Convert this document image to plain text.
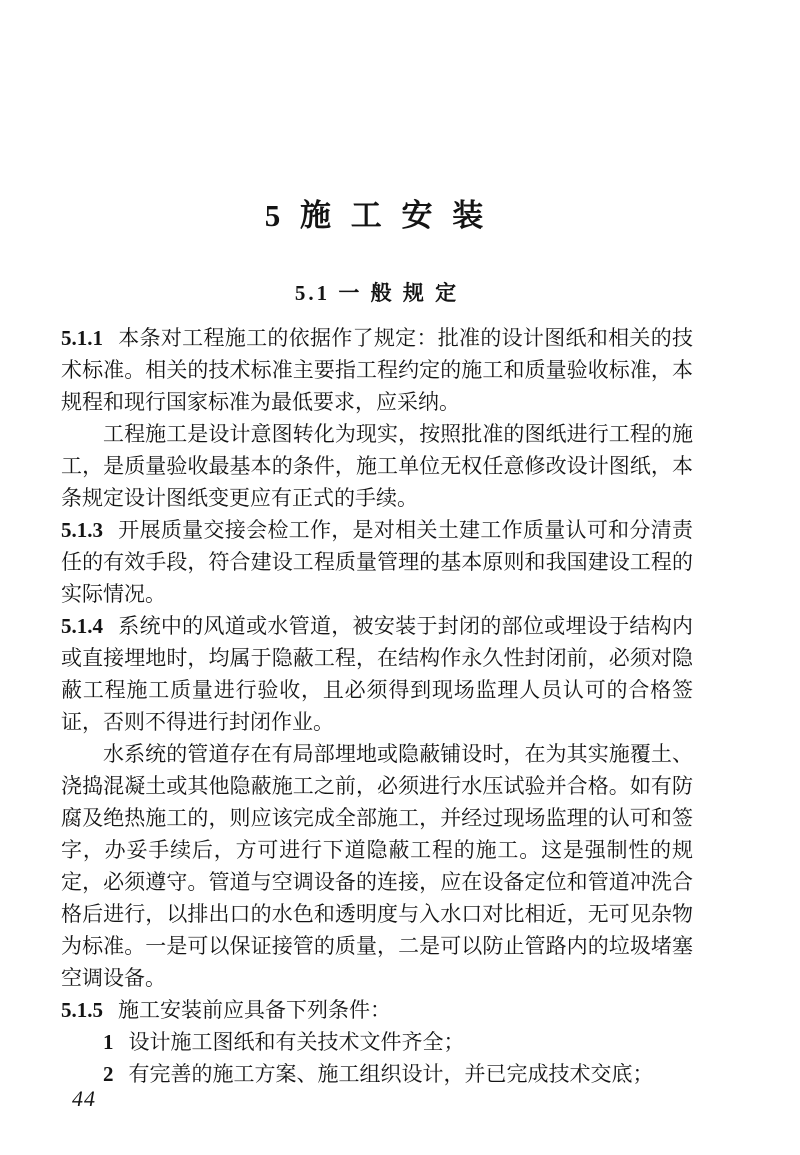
5 施 工 安 装
5.1 一 般 规 定

5.1.1 本条对工程施工的依据作了规定：批准的设计图纸和相关的技术标准。相关的技术标准主要指工程约定的施工和质量验收标准，本规程和现行国家标准为最低要求，应采纳。

工程施工是设计意图转化为现实，按照批准的图纸进行工程的施工，是质量验收最基本的条件，施工单位无权任意修改设计图纸，本条规定设计图纸变更应有正式的手续。

5.1.3 开展质量交接会检工作，是对相关土建工作质量认可和分清责任的有效手段，符合建设工程质量管理的基本原则和我国建设工程的实际情况。

5.1.4 系统中的风道或水管道，被安装于封闭的部位或埋设于结构内或直接埋地时，均属于隐蔽工程，在结构作永久性封闭前，必须对隐蔽工程施工质量进行验收，且必须得到现场监理人员认可的合格签证，否则不得进行封闭作业。

水系统的管道存在有局部埋地或隐蔽铺设时，在为其实施覆土、浇捣混凝土或其他隐蔽施工之前，必须进行水压试验并合格。如有防腐及绝热施工的，则应该完成全部施工，并经过现场监理的认可和签字，办妥手续后，方可进行下道隐蔽工程的施工。这是强制性的规定，必须遵守。管道与空调设备的连接，应在设备定位和管道冲洗合格后进行，以排出口的水色和透明度与入水口对比相近，无可见杂物为标准。一是可以保证接管的质量，二是可以防止管路内的垃圾堵塞空调设备。

5.1.5 施工安装前应具备下列条件：

1 设计施工图纸和有关技术文件齐全；

2 有完善的施工方案、施工组织设计，并已完成技术交底；

44
